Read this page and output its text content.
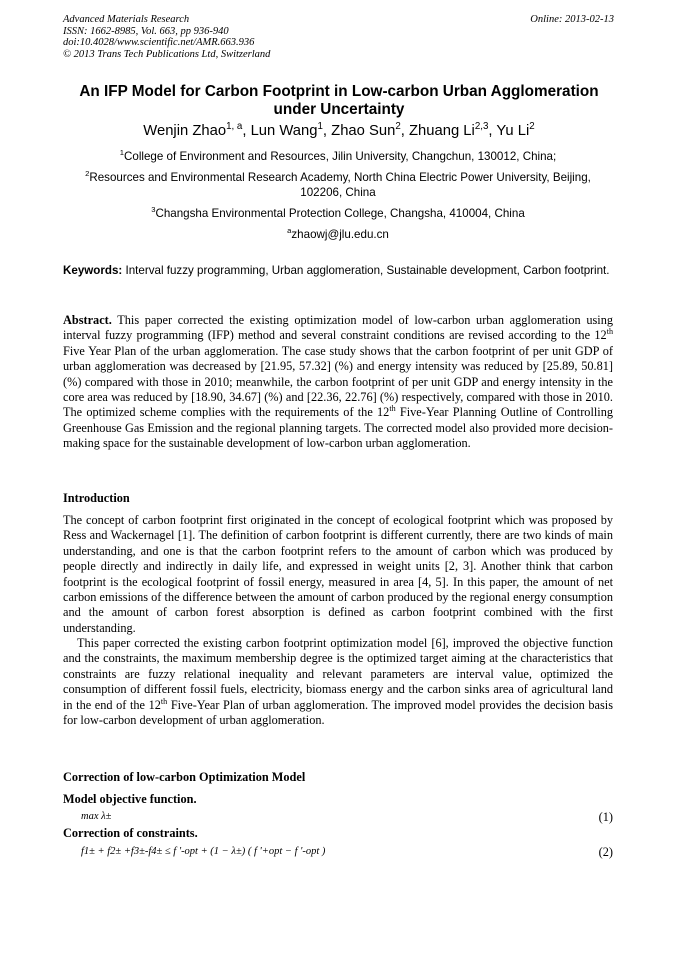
Advanced Materials Research
ISSN: 1662-8985, Vol. 663, pp 936-940
doi:10.4028/www.scientific.net/AMR.663.936
© 2013 Trans Tech Publications Ltd, Switzerland
Online: 2013-02-13
An IFP Model for Carbon Footprint in Low-carbon Urban Agglomeration
under Uncertainty
Wenjin Zhao$^{1, a}$, Lun Wang$^1$, Zhao Sun$^2$, Zhuang Li$^{2,3}$, Yu Li$^2$
$^1$College of Environment and Resources, Jilin University, Changchun, 130012, China;
$^2$Resources and Environmental Research Academy, North China Electric Power University, Beijing, 102206, China
$^3$Changsha Environmental Protection College, Changsha, 410004, China
$^a$zhaowj@jlu.edu.cn
Keywords: Interval fuzzy programming, Urban agglomeration, Sustainable development, Carbon footprint.
Abstract. This paper corrected the existing optimization model of low-carbon urban agglomeration using interval fuzzy programming (IFP) method and several constraint conditions are revised according to the 12th Five Year Plan of the urban agglomeration. The case study shows that the carbon footprint of per unit GDP of urban agglomeration was decreased by [21.95, 57.32] (%) and energy intensity was reduced by [25.89, 50.81] (%) compared with those in 2010; meanwhile, the carbon footprint of per unit GDP and energy intensity in the core area was reduced by [18.90, 34.67] (%) and [22.36, 22.76] (%) respectively, compared with those in 2010. The optimized scheme complies with the requirements of the 12th Five-Year Planning Outline of Controlling Greenhouse Gas Emission and the regional planning targets. The corrected model also provided more decision-making space for the sustainable development of low-carbon urban agglomeration.
Introduction
The concept of carbon footprint first originated in the concept of ecological footprint which was proposed by Ress and Wackernagel [1]. The definition of carbon footprint is different currently, there are two kinds of main understanding, and one is that the carbon footprint refers to the amount of carbon which was produced by people directly and indirectly in daily life, and expressed in weight units [2, 3]. Another think that carbon footprint is the ecological footprint of fossil energy, measured in area [4, 5]. In this paper, the amount of net carbon emissions of the difference between the amount of carbon produced by the regional energy consumption and the amount of carbon forest absorption is defined as carbon footprint combined with the first understanding.
This paper corrected the existing carbon footprint optimization model [6], improved the objective function and the constraints, the maximum membership degree is the optimized target aiming at the characteristics that constraints are fuzzy relational inequality and relevant parameters are interval value, optimized the consumption of different fossil fuels, electricity, biomass energy and the carbon sinks area of agricultural land in the end of the 12th Five-Year Plan of urban agglomeration. The improved model provides the decision basis for low-carbon development of urban agglomeration.
Correction of low-carbon Optimization Model
Model objective function.
max λ±	(1)
Correction of constraints.
f1± + f2± +f3±-f4± ≤ f '-opt + (1 − λ±) ( f '+opt − f '-opt )	(2)
